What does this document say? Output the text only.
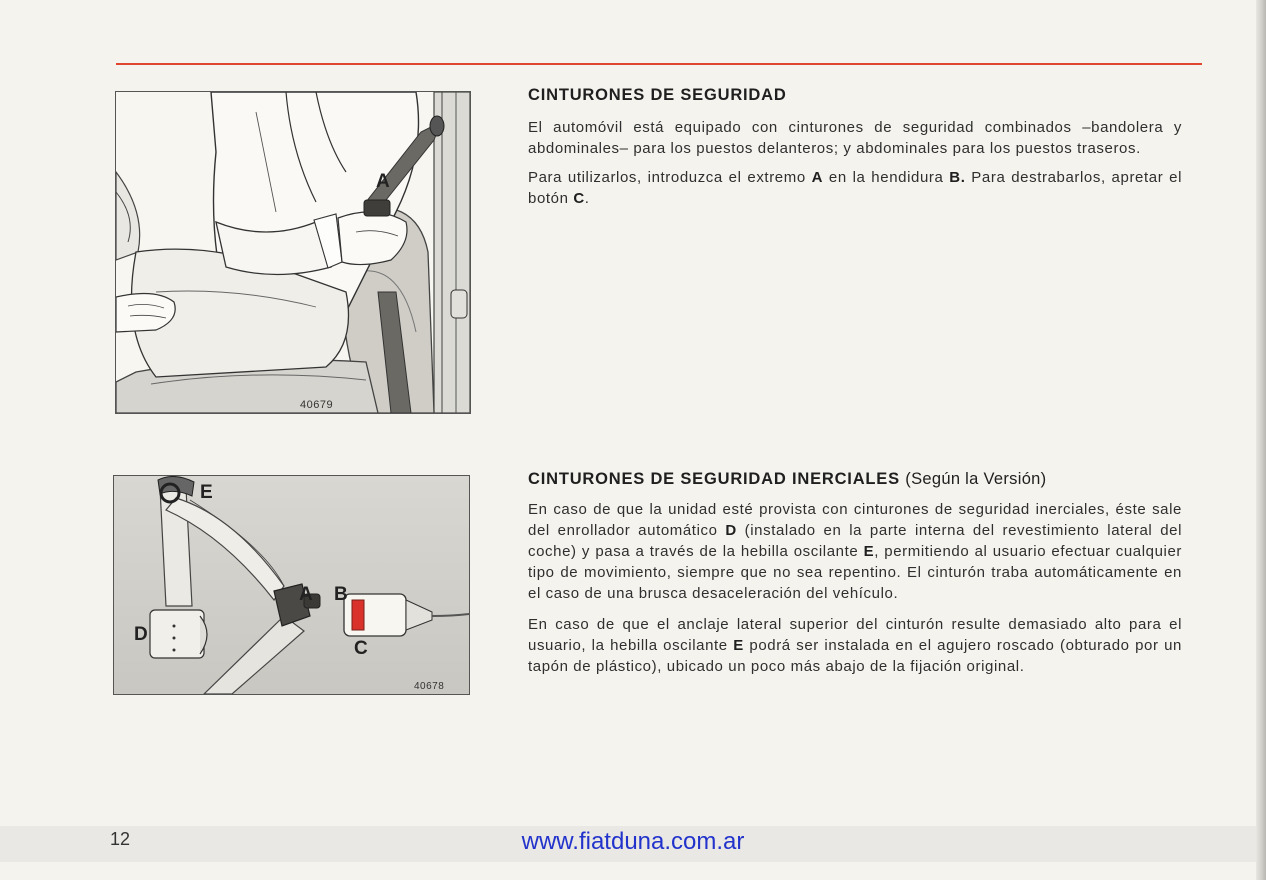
40679
A
E
A B
C
D
40678
CINTURONES DE SEGURIDAD

El automóvil está equipado con cinturones de seguridad combinados –bandolera y abdominales– para los puestos delanteros; y abdominales para los puestos traseros.

Para utilizarlos, introduzca el extremo A en la hendidura B. Para destrabarlos, apretar el botón C.

CINTURONES DE SEGURIDAD INERCIALES (Según la Versión)

En caso de que la unidad esté provista con cinturones de seguridad inerciales, éste sale del enrollador automático D (instalado en la parte interna del revestimiento lateral del coche) y pasa a través de la hebilla oscilante E, permitiendo al usuario efectuar cualquier tipo de movimiento, siempre que no sea repentino. El cinturón traba automáticamente en el caso de una brusca desaceleración del vehículo.

En caso de que el anclaje lateral superior del cinturón resulte demasiado alto para el usuario, la hebilla oscilante E podrá ser instalada en el agujero roscado (obturado por un tapón de plástico), ubicado un poco más abajo de la fijación original.

12	www.fiatduna.com.ar
